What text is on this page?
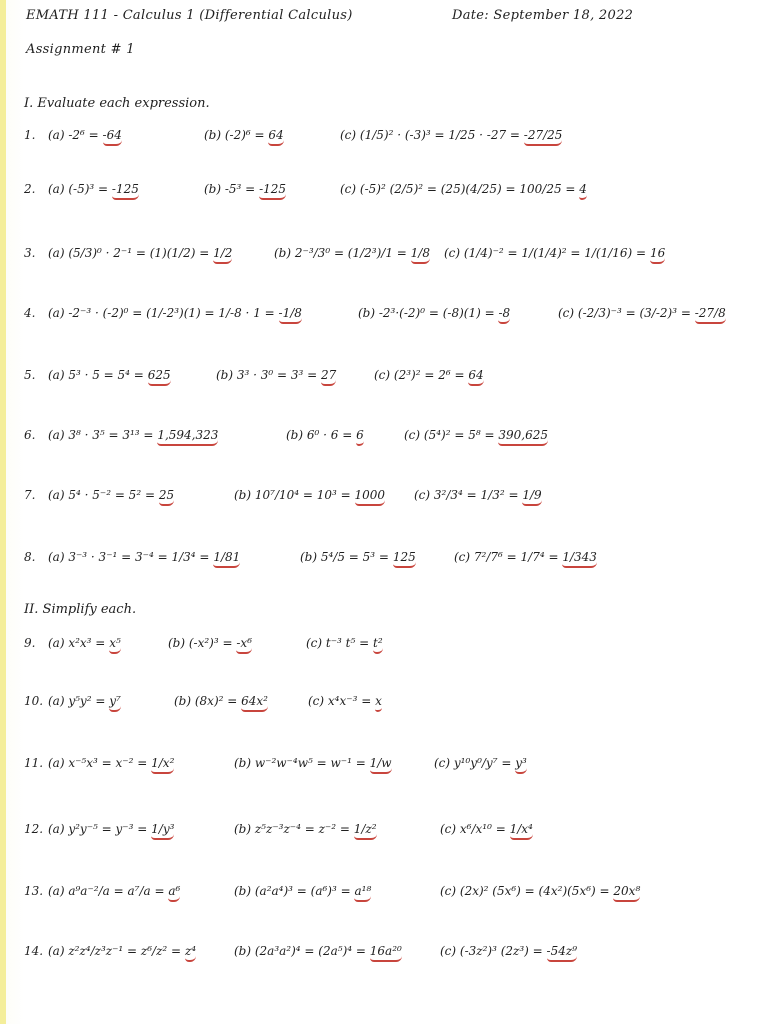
EMATH 111 - Calculus 1 (Differential Calculus)	Date: September 18, 2022
Assignment # 1
I. Evaluate each expression.
1.	(a) -2⁶ = -64	(b) (-2)⁶ = 64	(c) (1/5)² · (-3)³ = 1/25 · -27 = -27/25
2.	(a) (-5)³ = -125	(b) -5³ = -125	(c) (-5)² (2/5)² = (25)(4/25) = 100/25 = 4
3.	(a) (5/3)⁰ · 2⁻¹ = (1)(1/2) = 1/2	(b) 2⁻³/3⁰ = (1/2³)/1 = 1/8 (c) (1/4)⁻² = 1/(1/4)² = 1/(1/16) = 16
4.	(a) -2⁻³ · (-2)⁰ = (1/-2³)(1) = 1/-8 · 1 = -1/8	(b) -2³·(-2)⁰ = (-8)(1) = -8	(c) (-2/3)⁻³ = (3/-2)³ = -27/8
5.	(a) 5³ · 5 = 5⁴ = 625	(b) 3³ · 3⁰ = 3³ = 27	(c) (2³)² = 2⁶ = 64
6.	(a) 3⁸ · 3⁵ = 3¹³ = 1,594,323	(b) 6⁰ · 6 = 6	(c) (5⁴)² = 5⁸ = 390,625
7.	(a) 5⁴ · 5⁻² = 5² = 25	(b) 10⁷/10⁴ = 10³ = 1000 (c) 3²/3⁴ = 1/3² = 1/9
8.	(a) 3⁻³ · 3⁻¹ = 3⁻⁴ = 1/3⁴ = 1/81	(b) 5⁴/5 = 5³ = 125	(c) 7²/7⁶ = 1/7⁴ = 1/343
II. Simplify each.
9.	(a) x²x³ = x⁵	(b) (-x²)³ = -x⁶	(c) t⁻³ t⁵ = t²
10. (a) y⁵y² = y⁷	(b) (8x)² = 64x²	(c) x⁴x⁻³ = x
11. (a) x⁻⁵x³ = x⁻² = 1/x²	(b) w⁻²w⁻⁴w⁵ = w⁻¹ = 1/w	(c) y¹⁰y⁰/y⁷ = y³
12. (a) y²y⁻⁵ = y⁻³ = 1/y³	(b) z⁵z⁻³z⁻⁴ = z⁻² = 1/z²	(c) x⁶/x¹⁰ = 1/x⁴
13. (a) a⁹a⁻²/a = a⁷/a = a⁶	(b) (a²a⁴)³ = (a⁶)³ = a¹⁸	(c) (2x)² (5x⁶) = (4x²)(5x⁶) = 20x⁸
14. (a) z²z⁴/z³z⁻¹ = z⁶/z² = z⁴	(b) (2a³a²)⁴ = (2a⁵)⁴ = 16a²⁰	(c) (-3z²)³ (2z³) = -54z⁹
